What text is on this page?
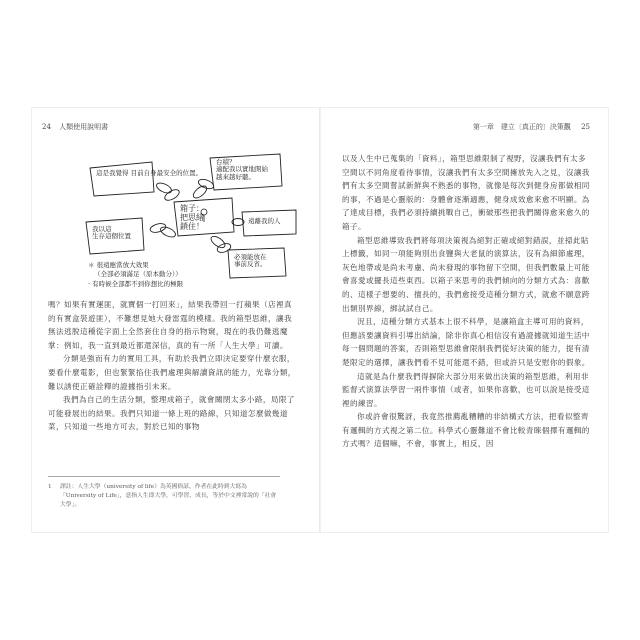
24 人類使用說明書
這是我覺得 目前自身最安全的位置。
台積？
適配我以實地開始
越來越好聽。
箱子：
把思緒
鎖住！
遠離我的人
我以這
生存這個位置
必須能放在
事前反省。
＊ 很遠應當放大效果
（全部必須滿足（原本動分））
· 有時候全部都不到你想比的極限

嗎？如果有實運匪，就寶個一打回來」，結果我帶回一打蘋果（店裡真的有實盒裝遊匪），不難想見她大發雷霆的模樣。我的箱型思維，讓我無法逃脫這種從字面上全然套住自身的指示物窺，現在的我仍難逃魔掌：例如，我一直到最近都還深信，真的有一所「人生大學」可讀。

分類是強而有力的實用工具，有助於我們立即決定要穿什麼衣服，要看什麼電影，但也緊緊掐住我們處理與解讀資訊的能力，光靠分類，難以誘使正確詮釋的證據指引未來。

我們為自己的生活分類，整理成箱子，就會關閉太多小路，局限了可能發展出的結果。我們只知道一條上班的路線，只知道怎麼做幾道菜，只知道一些地方可去，對於已知的事物

1 譯註：人生大學（university of life）為英國俗諺，作者在此時到大寫為「University of Life」，意指人生即大學，可學習、成長，等於中文裡常說的「社會大學」。

第一章　建立〔真正的〕決策觀 25

以及人生中已蒐集的「資料」，箱型思維限制了視野，沒讓我們有太多空間以不同角度看待事情，沒讓我們有太多空間擁放先入之見，沒讓我們有太多空間嘗試新鮮與不熟悉的事物，就像是每次到健身房都做相同的事，不過是心靈版的：身體會逐漸適應，健身成效愈來愈不明顯。為了達成目標，我們必須持續挑戰自己，衝破那些把我們關得愈來愈久的箱子。

箱型思維導致我們將每項決策視為絕對正確或絕對錯誤，並掃此貼上標籤，如同一項能夠別出食鹽與大老鼠的演算法，沒有為細節處理，灰色地帶或是尚未考慮、尚未發現的事物留下空間，但我們數量上可能會喜愛或擺長這些東西。以箱子來思考的我們傾向的分類方式為：喜歡的、這樣子想要的、擅長的，我們愈接受這種分類方式，就愈不願意跨出類別界線，綁試試自己。

況且，這種分類方式基本上很不科學，是讓箱盒主導可用的資料，但應該要讓資料引導出結論，除非你真心相信沒有過證據就知道生活中每一個問題的答案，否則箱型思維會限制我們從好決策的能力，提有清楚限定的選擇，讓我們看不見可能還不錯，但或許只是安慰你的假象。

這就是為什麼我們得摒除大部分用來做出決策的箱型思維，利用非監督式演算法學習一兩件事情（或者，如果你喜歡，也可以說是接受這裡的練習。

你或許會很驚訝，我竟然推薦亂糟糟的非結構式方法，把看似整齊有邏輯的方式視之第二位。科學式心靈難道不會比較青睞個擇有邏輯的方式嗎？這個嘛，不會，事實上，相反，因
